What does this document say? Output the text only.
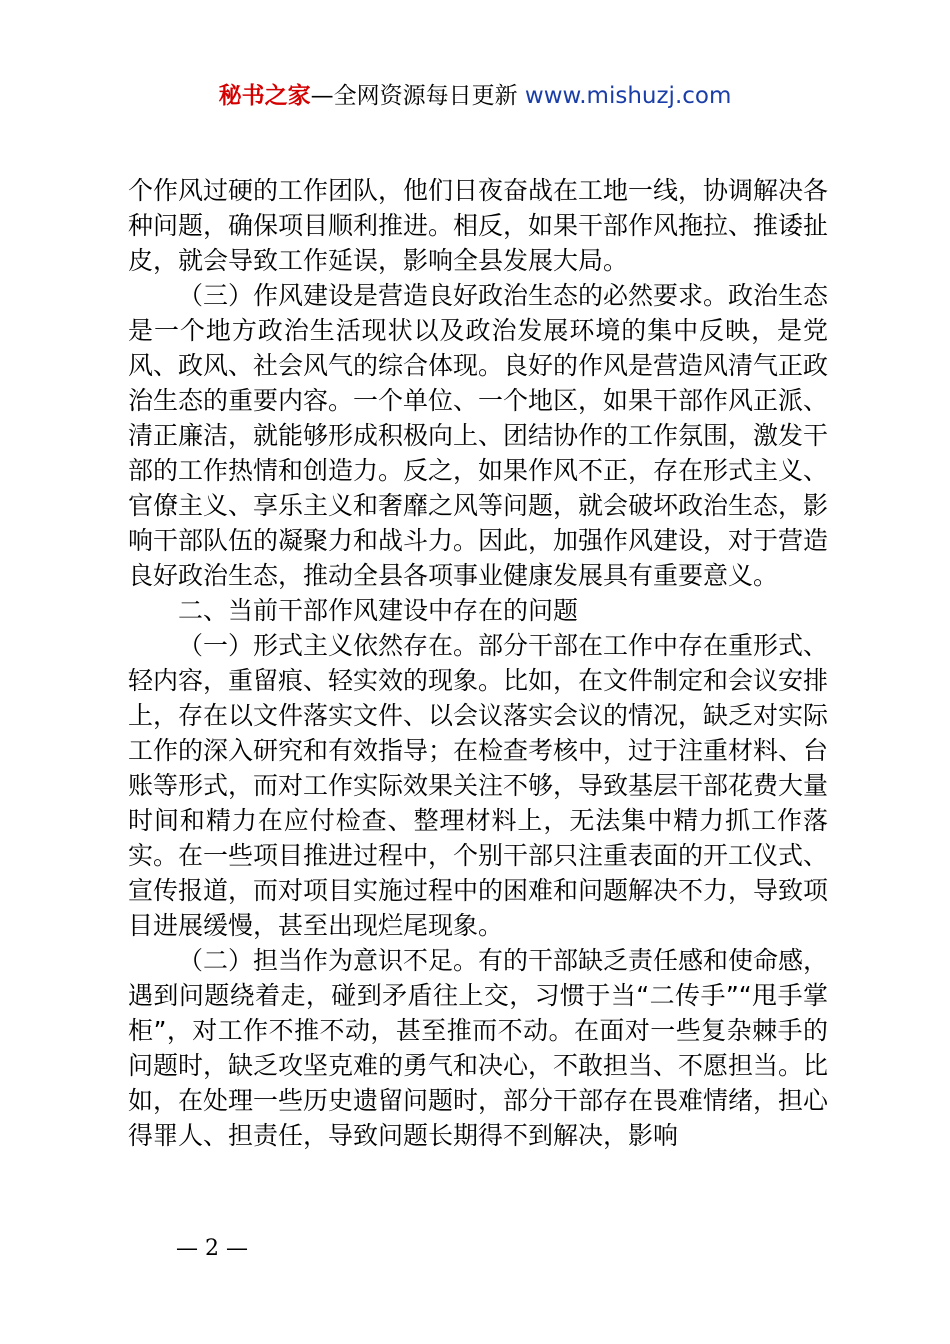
秘书之家—全网资源每日更新 www.mishuzj.com

个作风过硬的工作团队，他们日夜奋战在工地一线，协调解决各种问题，确保项目顺利推进。相反，如果干部作风拖拉、推诿扯皮，就会导致工作延误，影响全县发展大局。

（三）作风建设是营造良好政治生态的必然要求。政治生态是一个地方政治生活现状以及政治发展环境的集中反映，是党风、政风、社会风气的综合体现。良好的作风是营造风清气正政治生态的重要内容。一个单位、一个地区，如果干部作风正派、清正廉洁，就能够形成积极向上、团结协作的工作氛围，激发干部的工作热情和创造力。反之，如果作风不正，存在形式主义、官僚主义、享乐主义和奢靡之风等问题，就会破坏政治生态，影响干部队伍的凝聚力和战斗力。因此，加强作风建设，对于营造良好政治生态，推动全县各项事业健康发展具有重要意义。

二、当前干部作风建设中存在的问题

（一）形式主义依然存在。部分干部在工作中存在重形式、轻内容，重留痕、轻实效的现象。比如，在文件制定和会议安排上，存在以文件落实文件、以会议落实会议的情况，缺乏对实际工作的深入研究和有效指导；在检查考核中，过于注重材料、台账等形式，而对工作实际效果关注不够，导致基层干部花费大量时间和精力在应付检查、整理材料上，无法集中精力抓工作落实。在一些项目推进过程中，个别干部只注重表面的开工仪式、宣传报道，而对项目实施过程中的困难和问题解决不力，导致项目进展缓慢，甚至出现烂尾现象。

（二）担当作为意识不足。有的干部缺乏责任感和使命感，遇到问题绕着走，碰到矛盾往上交，习惯于当“二传手”“甩手掌柜”，对工作不推不动，甚至推而不动。在面对一些复杂棘手的问题时，缺乏攻坚克难的勇气和决心，不敢担当、不愿担当。比如，在处理一些历史遗留问题时，部分干部存在畏难情绪，担心得罪人、担责任，导致问题长期得不到解决，影响

— 2 —
